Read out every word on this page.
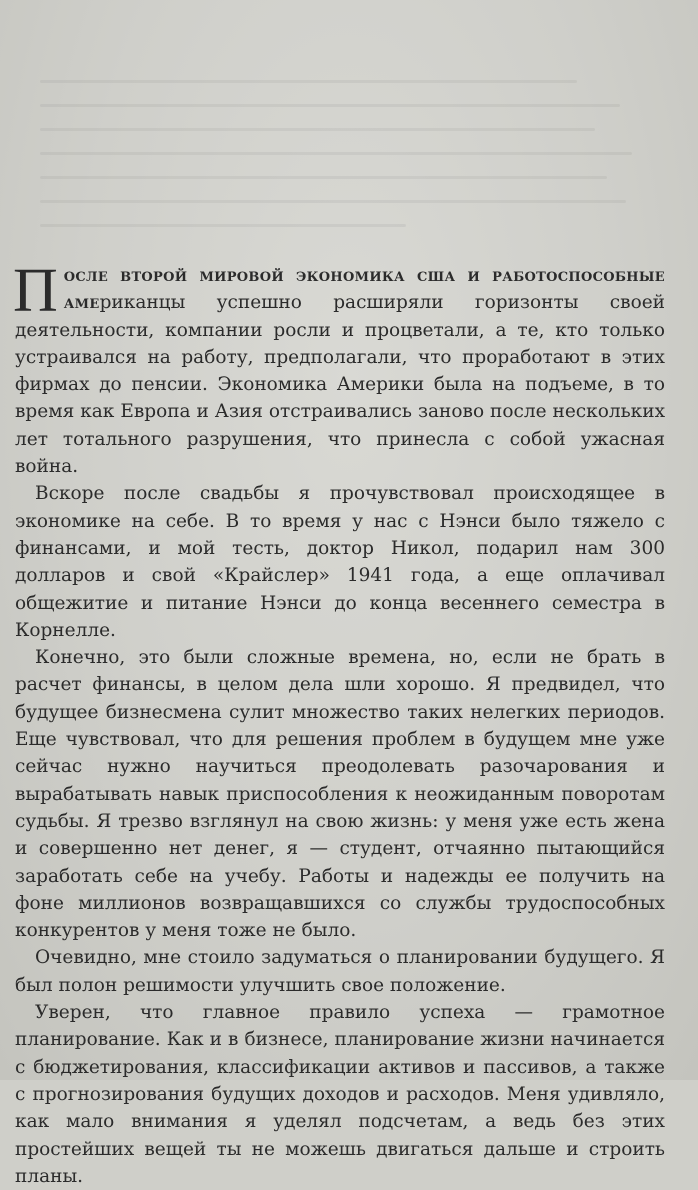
После второй мировой экономика сша и работоспособные американцы успешно расширяли горизонты своей деятельности, компании росли и процветали, а те, кто только устраивался на работу, предполагали, что проработают в этих фирмах до пенсии. Экономика Америки была на подъеме, в то время как Европа и Азия отстраивались заново после нескольких лет тотального разрушения, что принесла с собой ужасная война.

Вскоре после свадьбы я прочувствовал происходящее в экономике на себе. В то время у нас с Нэнси было тяжело с финансами, и мой тесть, доктор Никол, подарил нам 300 долларов и свой «Крайслер» 1941 года, а еще оплачивал общежитие и питание Нэнси до конца весеннего семестра в Корнелле.

Конечно, это были сложные времена, но, если не брать в расчет финансы, в целом дела шли хорошо. Я предвидел, что будущее бизнесмена сулит множество таких нелегких периодов. Еще чувствовал, что для решения проблем в будущем мне уже сейчас нужно научиться преодолевать разочарования и вырабатывать навык приспособления к неожиданным поворотам судьбы. Я трезво взглянул на свою жизнь: у меня уже есть жена и совершенно нет денег, я — студент, отчаянно пытающийся заработать себе на учебу. Работы и надежды ее получить на фоне миллионов возвращавшихся со службы трудоспособных конкурентов у меня тоже не было.

Очевидно, мне стоило задуматься о планировании будущего. Я был полон решимости улучшить свое положение.

Уверен, что главное правило успеха — грамотное планирование. Как и в бизнесе, планирование жизни начинается с бюджетирования, классификации активов и пассивов, а также с прогнозирования будущих доходов и расходов. Меня удивляло, как мало внимания я уделял подсчетам, а ведь без этих простейших вещей ты не можешь двигаться дальше и строить планы.
